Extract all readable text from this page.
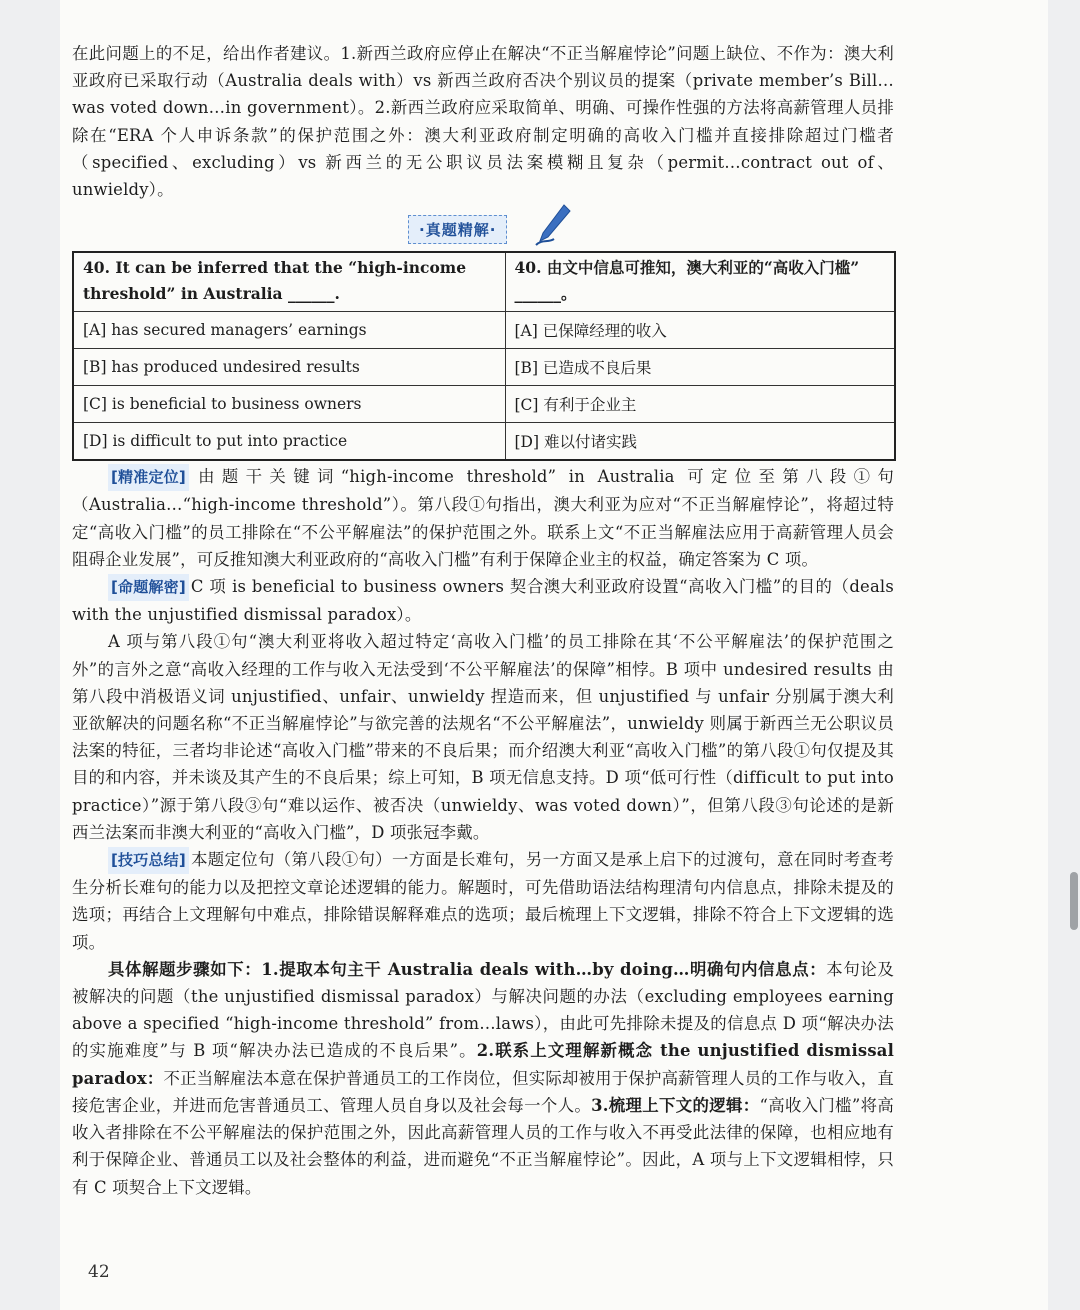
在此问题上的不足，给出作者建议。1.新西兰政府应停止在解决“不正当解雇悖论”问题上缺位、不作为：澳大利亚政府已采取行动（Australia deals with）vs 新西兰政府否决个别议员的提案（private member’s Bill…was voted down…in government）。2.新西兰政府应采取简单、明确、可操作性强的方法将高薪管理人员排除在“ERA 个人申诉条款”的保护范围之外：澳大利亚政府制定明确的高收入门槛并直接排除超过门槛者（specified、excluding）vs 新西兰的无公职议员法案模糊且复杂（permit…contract out of、unwieldy）。

·真题精解·
40. It can be inferred that the “high-income threshold” in Australia ______.	40. 由文中信息可推知，澳大利亚的“高收入门槛” ______。
[A] has secured managers’ earnings	[A] 已保障经理的收入
[B] has produced undesired results	[B] 已造成不良后果
[C] is beneficial to business owners	[C] 有利于企业主
[D] is difficult to put into practice	[D] 难以付诸实践

[精准定位] 由题干关键词“high-income threshold” in Australia 可定位至第八段①句（Australia…“high-income threshold”）。第八段①句指出，澳大利亚为应对“不正当解雇悖论”，将超过特定“高收入门槛”的员工排除在“不公平解雇法”的保护范围之外。联系上文“不正当解雇法应用于高薪管理人员会阻碍企业发展”，可反推知澳大利亚政府的“高收入门槛”有利于保障企业主的权益，确定答案为 C 项。

[命题解密] C 项 is beneficial to business owners 契合澳大利亚政府设置“高收入门槛”的目的（deals with the unjustified dismissal paradox）。

A 项与第八段①句“澳大利亚将收入超过特定‘高收入门槛’的员工排除在其‘不公平解雇法’的保护范围之外”的言外之意“高收入经理的工作与收入无法受到‘不公平解雇法’的保障”相悖。B 项中 undesired results 由第八段中消极语义词 unjustified、unfair、unwieldy 捏造而来，但 unjustified 与 unfair 分别属于澳大利亚欲解决的问题名称“不正当解雇悖论”与欲完善的法规名“不公平解雇法”，unwieldy 则属于新西兰无公职议员法案的特征，三者均非论述“高收入门槛”带来的不良后果；而介绍澳大利亚“高收入门槛”的第八段①句仅提及其目的和内容，并未谈及其产生的不良后果；综上可知，B 项无信息支持。D 项“低可行性（difficult to put into practice）”源于第八段③句“难以运作、被否决（unwieldy、was voted down）”，但第八段③句论述的是新西兰法案而非澳大利亚的“高收入门槛”，D 项张冠李戴。

[技巧总结] 本题定位句（第八段①句）一方面是长难句，另一方面又是承上启下的过渡句，意在同时考查考生分析长难句的能力以及把控文章论述逻辑的能力。解题时，可先借助语法结构理清句内信息点，排除未提及的选项；再结合上文理解句中难点，排除错误解释难点的选项；最后梳理上下文逻辑，排除不符合上下文逻辑的选项。

具体解题步骤如下：1.提取本句主干 Australia deals with…by doing…明确句内信息点：本句论及被解决的问题（the unjustified dismissal paradox）与解决问题的办法（excluding employees earning above a specified “high-income threshold” from…laws），由此可先排除未提及的信息点 D 项“解决办法的实施难度”与 B 项“解决办法已造成的不良后果”。2.联系上文理解新概念 the unjustified dismissal paradox：不正当解雇法本意在保护普通员工的工作岗位，但实际却被用于保护高薪管理人员的工作与收入，直接危害企业，并进而危害普通员工、管理人员自身以及社会每一个人。3.梳理上下文的逻辑：“高收入门槛”将高收入者排除在不公平解雇法的保护范围之外，因此高薪管理人员的工作与收入不再受此法律的保障，也相应地有利于保障企业、普通员工以及社会整体的利益，进而避免“不正当解雇悖论”。因此，A 项与上下文逻辑相悖，只有 C 项契合上下文逻辑。

42
